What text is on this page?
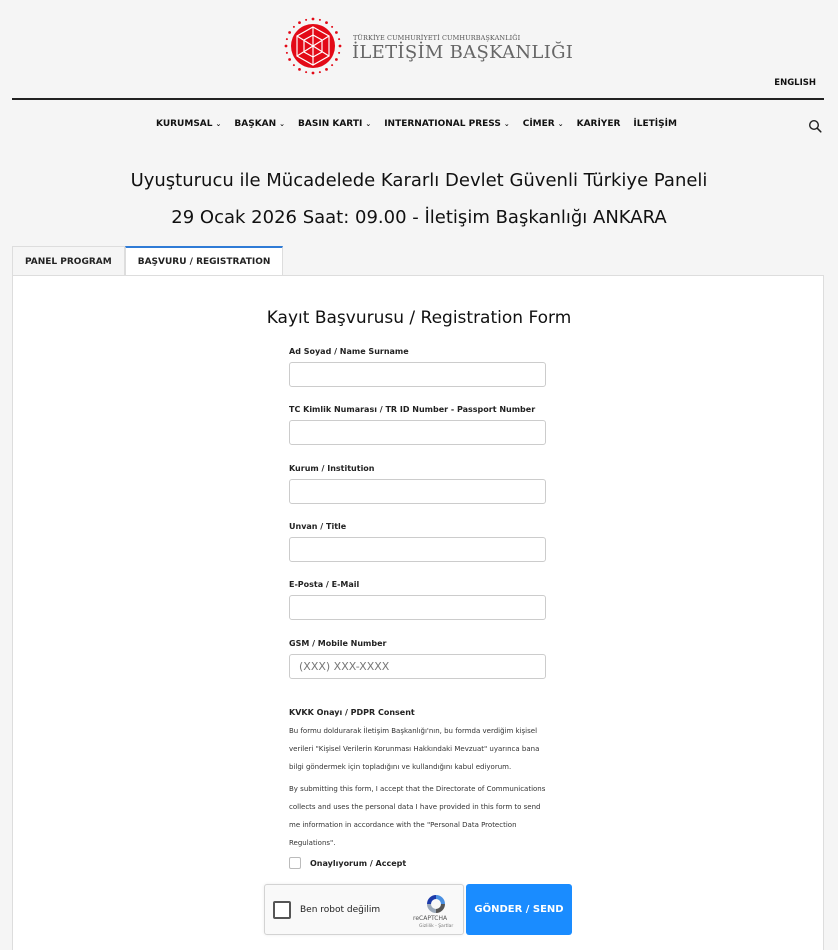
TÜRKİYE CUMHURİYETİ CUMHURBAŞKANLIĞI
İLETİŞİM BAŞKANLIĞI
ENGLISH
KURUMSAL ⌄ BAŞKAN ⌄ BASIN KARTI ⌄ INTERNATIONAL PRESS ⌄ CİMER ⌄ KARİYER İLETİŞİM
Uyuşturucu ile Mücadelede Kararlı Devlet Güvenli Türkiye Paneli
29 Ocak 2026 Saat: 09.00 - İletişim Başkanlığı ANKARA
PANEL PROGRAM	BAŞVURU / REGISTRATION
Kayıt Başvurusu / Registration Form
Ad Soyad / Name Surname
TC Kimlik Numarası / TR ID Number - Passport Number
Kurum / Institution
Unvan / Title
E-Posta / E-Mail
GSM / Mobile Number
(XXX) XXX-XXXX
KVKK Onayı / PDPR Consent

Bu formu doldurarak İletişim Başkanlığı'nın, bu formda verdiğim kişisel verileri "Kişisel Verilerin Korunması Hakkındaki Mevzuat" uyarınca bana bilgi göndermek için topladığını ve kullandığını kabul ediyorum.

By submitting this form, I accept that the Directorate of Communications collects and uses the personal data I have provided in this form to send me information in accordance with the "Personal Data Protection Regulations".

Onaylıyorum / Accept
Ben robot değilim
reCAPTCHA
Gizlilik - Şartlar
GÖNDER / SEND
